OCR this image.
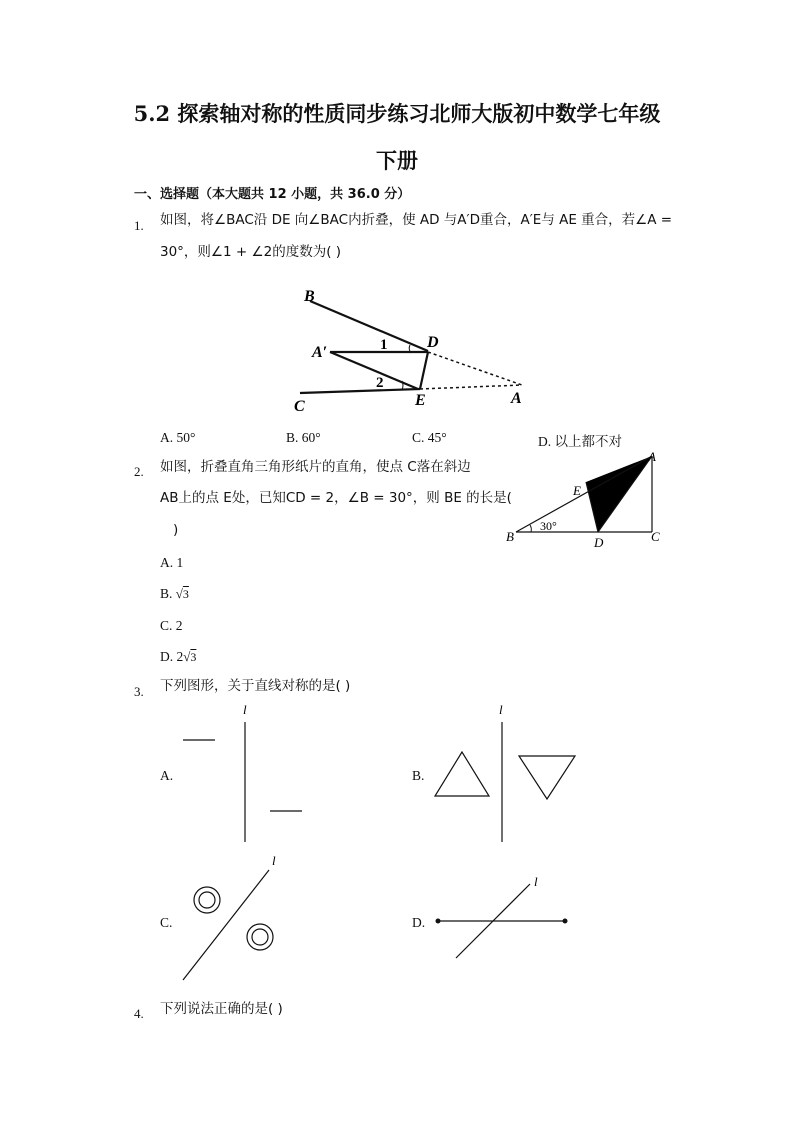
5.2 探索轴对称的性质同步练习北师大版初中数学七年级
下册
一、选择题（本大题共 12 小题，共 36.0 分）
1. 如图，将∠BAC沿 DE 向∠BAC内折叠，使 AD 与A′D重合，A′E与 AE 重合，若∠A =
30°，则∠1 + ∠2的度数为( )
B
D
A′	1
2
C	E	A
A. 50°	B. 60°	C. 45°	D. 以上都不对
2. 如图，折叠直角三角形纸片的直角，使点 C落在斜边
AB上的点 E处，已知CD = 2，∠B = 30°，则 BE 的长是(
)
A
E
B
30°
D	C
A. 1
B. √3
C. 2
D. 2√3
3. 下列图形，关于直线对称的是( )
A.
l
B.
l
C.
l
D.
l
4. 下列说法正确的是( )
